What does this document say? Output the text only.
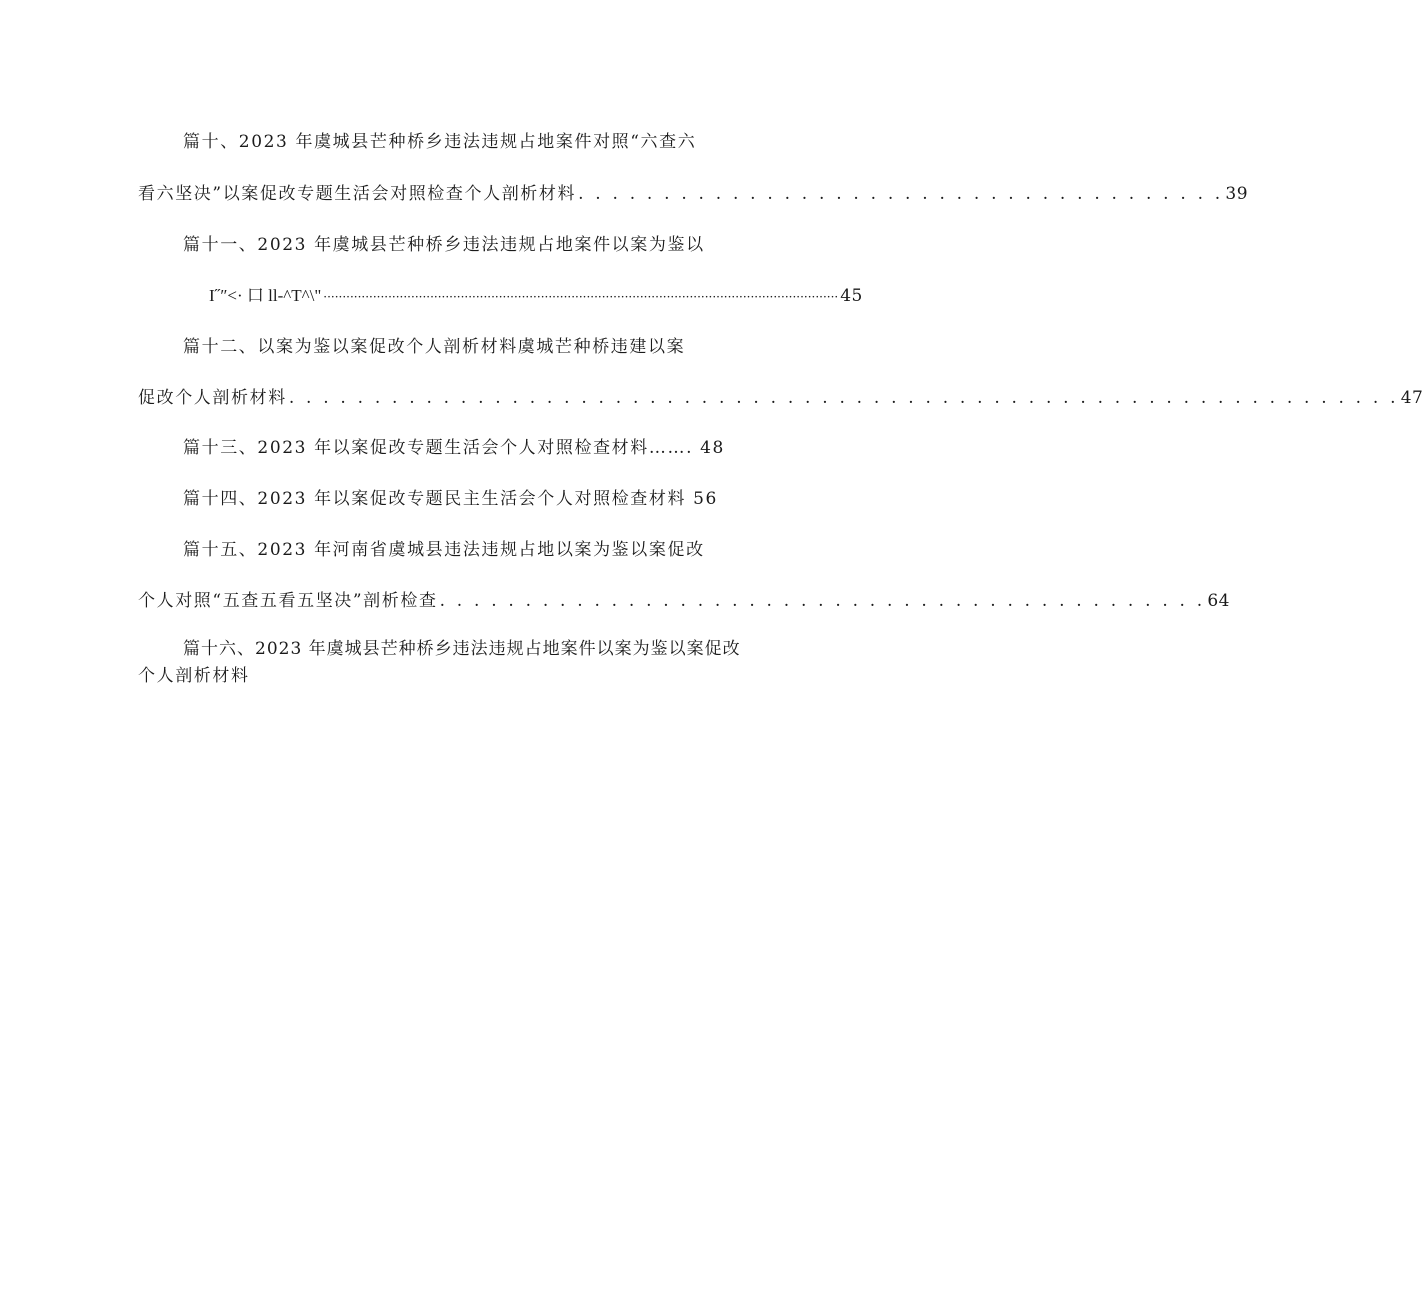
篇十、2023 年虞城县芒种桥乡违法违规占地案件对照“六查六
看六坚决”以案促改专题生活会对照检查个人剖析材料 . . . . . . . . . . . . . . . . . . . . . . . . . . . . . . . . . . . . . . 39
篇十一、2023 年虞城县芒种桥乡违法违规占地案件以案为鉴以
I˝″<· 口 ll-^T^\" ······································································································································· 45
篇十二、以案为鉴以案促改个人剖析材料虞城芒种桥违建以案
促改个人剖析材料 . . . . . . . . . . . . . . . . . . . . . . . . . . . . . . . . . . . . . . . . . . . . . . . . . . . . . . . . . . . . . . . . . 47
篇十三、2023 年以案促改专题生活会个人对照检查材料……. 48
篇十四、2023 年以案促改专题民主生活会个人对照检查材料 56
篇十五、2023 年河南省虞城县违法违规占地以案为鉴以案促改
个人对照“五查五看五坚决”剖析检查 . . . . . . . . . . . . . . . . . . . . . . . . . . . . . . . . . . . . . . . . . . . . . 64
篇十六、2023 年虞城县芒种桥乡违法违规占地案件以案为鉴以案促改
个人剖析材料
